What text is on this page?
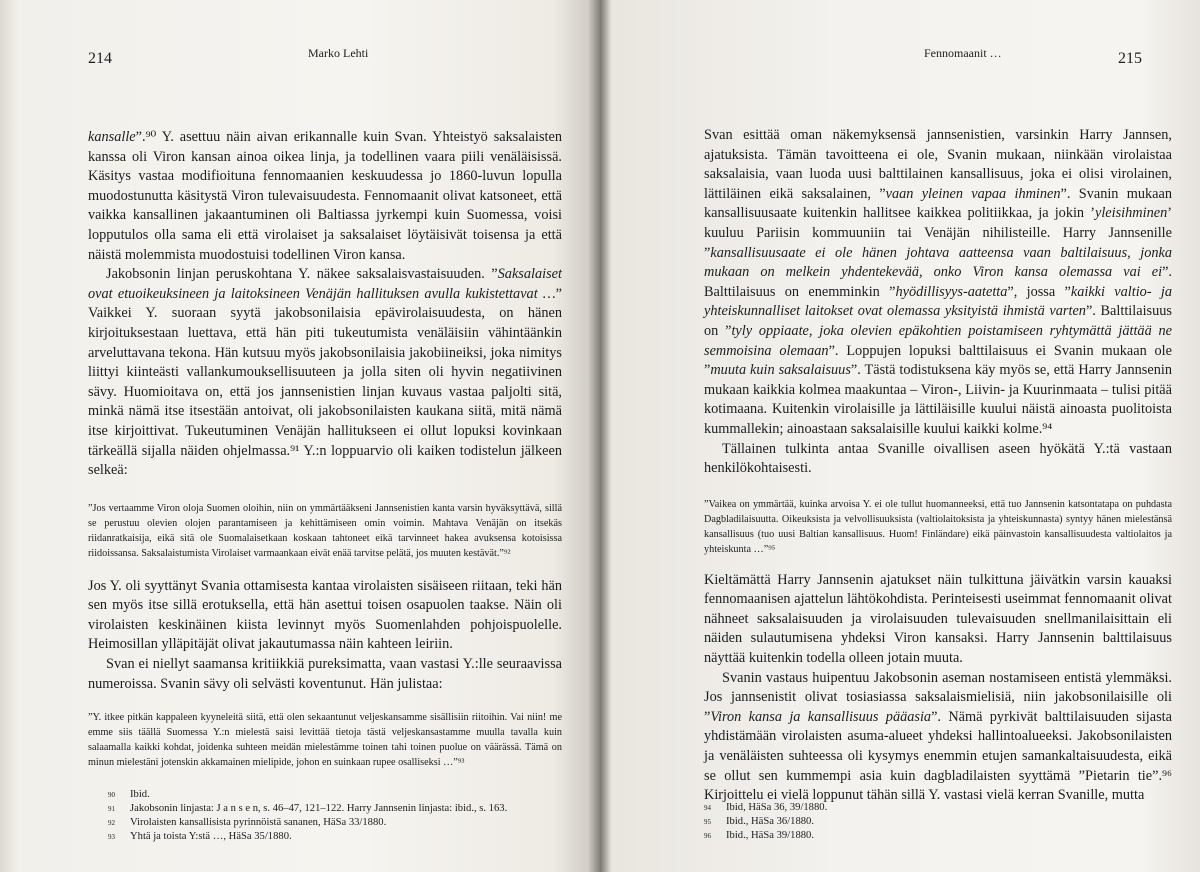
214	Marko Lehti

kansalle”.⁹⁰ Y. asettuu näin aivan erikannalle kuin Svan. Yhteistyö saksalaisten kanssa oli Viron kansan ainoa oikea linja, ja todellinen vaara piili venäläisissä. Käsitys vastaa modifioituna fennomaanien keskuudessa jo 1860-luvun lopulla muodostunutta käsitystä Viron tulevaisuudesta. Fennomaanit olivat katsoneet, että vaikka kansallinen jakaantuminen oli Baltiassa jyrkempi kuin Suomessa, voisi lopputulos olla sama eli että virolaiset ja saksalaiset löytäisivät toisensa ja että näistä molemmista muodostuisi todellinen Viron kansa.

Jakobsonin linjan peruskohtana Y. näkee saksalaisvastaisuuden. ”Saksalaiset ovat etuoikeuksineen ja laitoksineen Venäjän hallituksen avulla kukistettavat …” Vaikkei Y. suoraan syytä jakobsonilaisia epävirolaisuudesta, on hänen kirjoituksestaan luettava, että hän piti tukeutumista venäläisiin vähintäänkin arveluttavana tekona. Hän kutsuu myös jakobsonilaisia jakobiineiksi, joka nimitys liittyi kiinteästi vallankumouksellisuuteen ja jolla siten oli hyvin negatiivinen sävy. Huomioitava on, että jos jannsenistien linjan kuvaus vastaa paljolti sitä, minkä nämä itse itsestään antoivat, oli jakobsonilaisten kaukana siitä, mitä nämä itse kirjoittivat. Tukeutuminen Venäjän hallitukseen ei ollut lopuksi kovinkaan tärkeällä sijalla näiden ohjelmassa.⁹¹ Y.:n loppuarvio oli kaiken todistelun jälkeen selkeä:

”Jos vertaamme Viron oloja Suomen oloihin, niin on ymmärtääkseni Jannsenistien kanta varsin hyväksyttävä, sillä se perustuu olevien olojen parantamiseen ja kehittämiseen omin voimin. Mahtava Venäjän on itsekäs riidanratkaisija, eikä sitä ole Suomalaisetkaan koskaan tahtoneet eikä tarvinneet hakea avuksensa kotoisissa riidoissansa. Saksalaistumista Virolaiset varmaankaan eivät enää tarvitse pelätä, jos muuten kestävät.”⁹²

Jos Y. oli syyttänyt Svania ottamisesta kantaa virolaisten sisäiseen riitaan, teki hän sen myös itse sillä erotuksella, että hän asettui toisen osapuolen taakse. Näin oli virolaisten keskinäinen kiista levinnyt myös Suomenlahden pohjoispuolelle. Heimosillan ylläpitäjät olivat jakautumassa näin kahteen leiriin.

Svan ei niellyt saamansa kritiikkiä pureksimatta, vaan vastasi Y.:lle seuraavissa numeroissa. Svanin sävy oli selvästi koventunut. Hän julistaa:

”Y. itkee pitkän kappaleen kyyneleitä siitä, että olen sekaantunut veljeskansamme sisällisiin riitoihin. Vai niin! me emme siis täällä Suomessa Y.:n mielestä saisi levittää tietoja tästä veljeskansastamme muulla tavalla kuin salaamalla kaikki kohdat, joidenka suhteen meidän mielestämme toinen tahi toinen puolue on väärässä. Tämä on minun mielestäni jotenskin akkamainen mielipide, johon en suinkaan rupee osalliseksi …”⁹³
90	Ibid.
91	Jakobsonin linjasta: J a n s e n, s. 46–47, 121–122. Harry Jannsenin linjasta: ibid., s. 163.
92	Virolaisten kansallisista pyrinnöistä sananen, HäSa 33/1880.
93	Yhtä ja toista Y:stä …, HäSa 35/1880.
Fennomaanit …	215

Svan esittää oman näkemyksensä jannsenistien, varsinkin Harry Jannsen, ajatuksista. Tämän tavoitteena ei ole, Svanin mukaan, niinkään virolaistaa saksalaisia, vaan luoda uusi balttilainen kansallisuus, joka ei olisi virolainen, lättiläinen eikä saksalainen, ”vaan yleinen vapaa ihminen”. Svanin mukaan kansallisuusaate kuitenkin hallitsee kaikkea politiikkaa, ja jokin ’yleisihminen’ kuuluu Pariisin kommuuniin tai Venäjän nihilisteille. Harry Jannsenille ”kansallisuusaate ei ole hänen johtava aatteensa vaan baltilaisuus, jonka mukaan on melkein yhdentekevää, onko Viron kansa olemassa vai ei”. Balttilaisuus on enemminkin ”hyödillisyys-aatetta”, jossa ”kaikki valtio- ja yhteiskunnalliset laitokset ovat olemassa yksityistä ihmistä varten”. Balttilaisuus on ”tyly oppiaate, joka olevien epäkohtien poistamiseen ryhtymättä jättää ne semmoisina olemaan”. Loppujen lopuksi balttilaisuus ei Svanin mukaan ole ”muuta kuin saksalaisuus”. Tästä todistuksena käy myös se, että Harry Jannsenin mukaan kaikkia kolmea maakuntaa – Viron-, Liivin- ja Kuurinmaata – tulisi pitää kotimaana. Kuitenkin virolaisille ja lättiläisille kuului näistä ainoasta puolitoista kummallekin; ainoastaan saksalaisille kuului kaikki kolme.⁹⁴

Tällainen tulkinta antaa Svanille oivallisen aseen hyökätä Y.:tä vastaan henkilökohtaisesti.

”Vaikea on ymmärtää, kuinka arvoisa Y. ei ole tullut huomanneeksi, että tuo Jannsenin katsontatapa on puhdasta Dagbladilaisuutta. Oikeuksista ja velvollisuuksista (valtiolaitoksista ja yhteiskunnasta) syntyy hänen mielestänsä kansallisuus (tuo uusi Baltian kansallisuus. Huom! Finländare) eikä päinvastoin kansallisuudesta valtiolaitos ja yhteiskunta …”⁹⁵

Kieltämättä Harry Jannsenin ajatukset näin tulkittuna jäivätkin varsin kauaksi fennomaanisen ajattelun lähtökohdista. Perinteisesti useimmat fennomaanit olivat nähneet saksalaisuuden ja virolaisuuden tulevaisuuden snellmanilaisittain eli näiden sulautumisena yhdeksi Viron kansaksi. Harry Jannsenin balttilaisuus näyttää kuitenkin todella olleen jotain muuta.

Svanin vastaus huipentuu Jakobsonin aseman nostamiseen entistä ylemmäksi. Jos jannsenistit olivat tosiasiassa saksalaismielisiä, niin jakobsonilaisille oli ”Viron kansa ja kansallisuus pääasia”. Nämä pyrkivät balttilaisuuden sijasta yhdistämään virolaisten asuma-alueet yhdeksi hallintoalueeksi. Jakobsonilaisten ja venäläisten suhteessa oli kysymys enemmin etujen samankaltaisuudesta, eikä se ollut sen kummempi asia kuin dagbladilaisten syyttämä ”Pietarin tie”.⁹⁶ Kirjoittelu ei vielä loppunut tähän sillä Y. vastasi vielä kerran Svanille, mutta

94	Ibid, HäSa 36, 39/1880.
95	Ibid., HäSa 36/1880.
96	Ibid., HäSa 39/1880.
